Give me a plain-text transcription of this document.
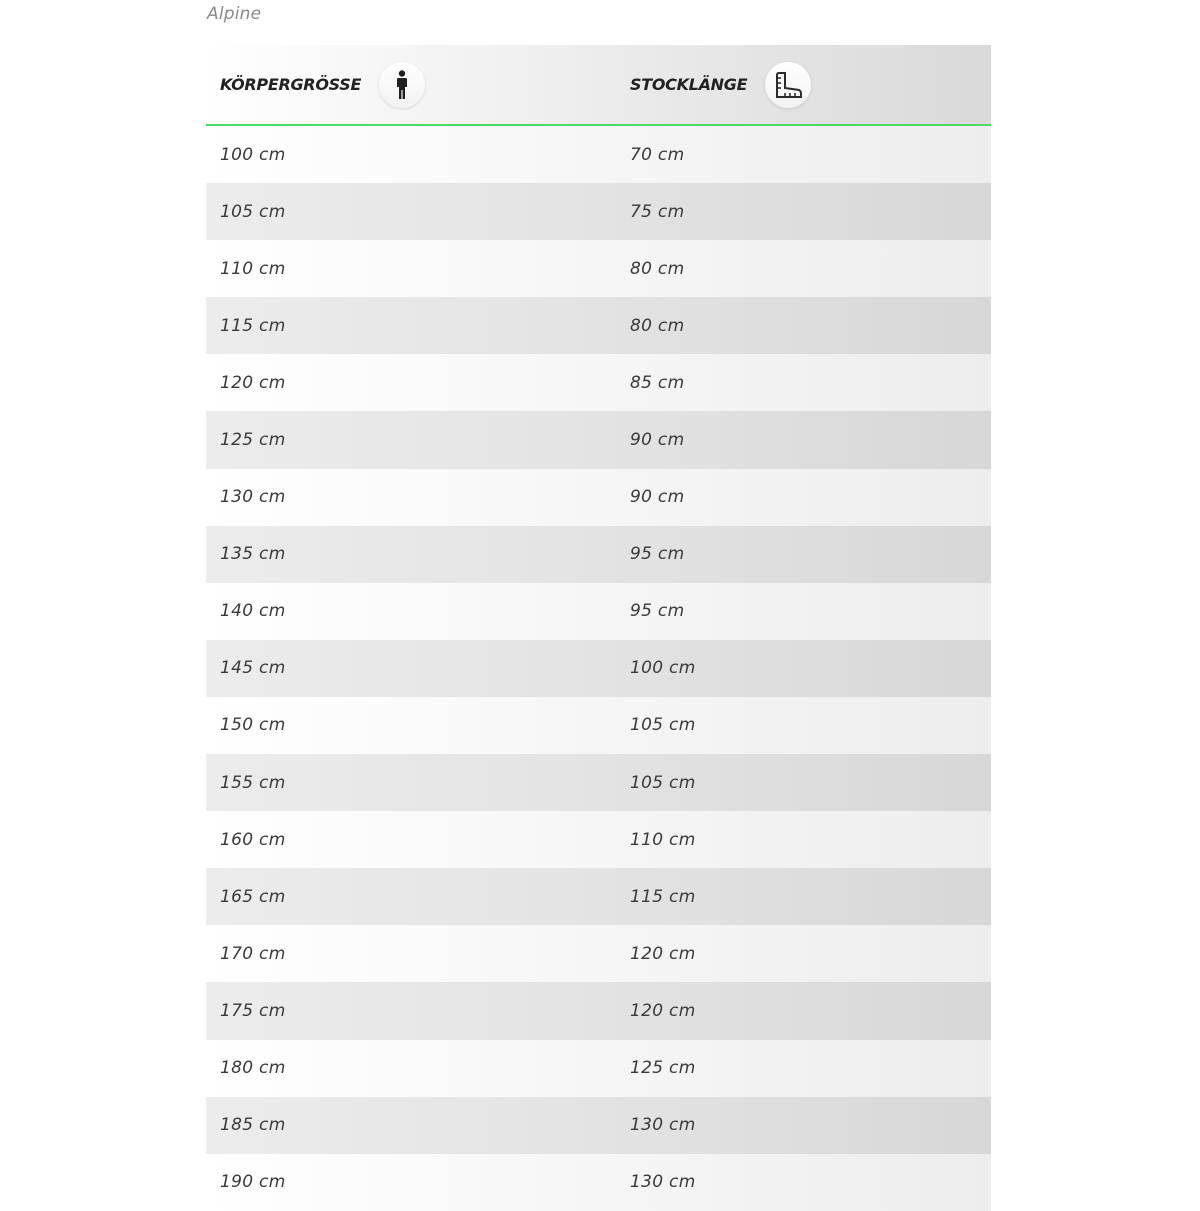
Alpine
KÖRPERGRÖSSE	STOCKLÄNGE
100 cm	70 cm
105 cm	75 cm
110 cm	80 cm
115 cm	80 cm
120 cm	85 cm
125 cm	90 cm
130 cm	90 cm
135 cm	95 cm
140 cm	95 cm
145 cm	100 cm
150 cm	105 cm
155 cm	105 cm
160 cm	110 cm
165 cm	115 cm
170 cm	120 cm
175 cm	120 cm
180 cm	125 cm
185 cm	130 cm
190 cm	130 cm
